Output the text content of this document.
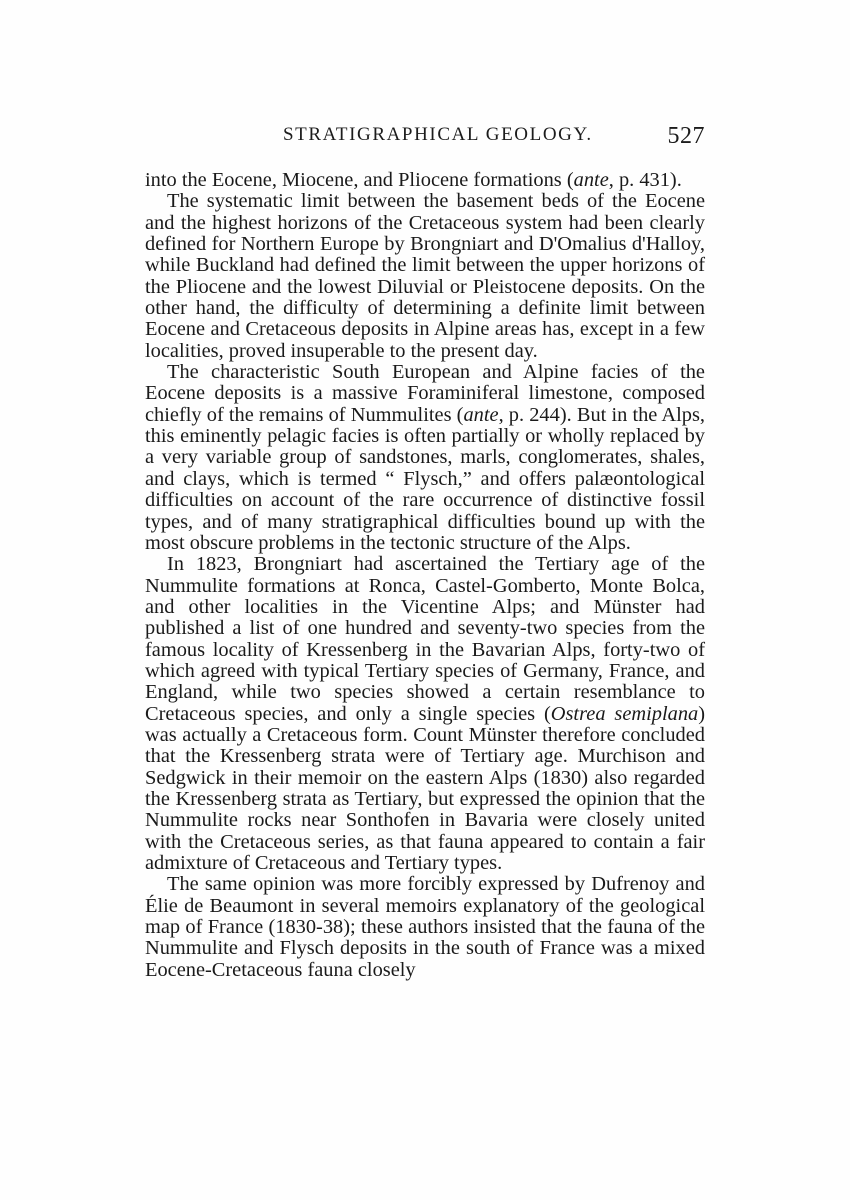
STRATIGRAPHICAL GEOLOGY.	527

into the Eocene, Miocene, and Pliocene formations (ante, p. 431).

The systematic limit between the basement beds of the Eocene and the highest horizons of the Cretaceous system had been clearly defined for Northern Europe by Brongniart and D'Omalius d'Halloy, while Buckland had defined the limit between the upper horizons of the Pliocene and the lowest Diluvial or Pleistocene deposits. On the other hand, the difficulty of determining a definite limit between Eocene and Cretaceous deposits in Alpine areas has, except in a few localities, proved insuperable to the present day.

The characteristic South European and Alpine facies of the Eocene deposits is a massive Foraminiferal limestone, composed chiefly of the remains of Nummulites (ante, p. 244). But in the Alps, this eminently pelagic facies is often partially or wholly replaced by a very variable group of sandstones, marls, conglomerates, shales, and clays, which is termed “ Flysch,” and offers palæontological difficulties on account of the rare occurrence of distinctive fossil types, and of many stratigraphical difficulties bound up with the most obscure problems in the tectonic structure of the Alps.

In 1823, Brongniart had ascertained the Tertiary age of the Nummulite formations at Ronca, Castel-Gomberto, Monte Bolca, and other localities in the Vicentine Alps; and Münster had published a list of one hundred and seventy-two species from the famous locality of Kressenberg in the Bavarian Alps, forty-two of which agreed with typical Tertiary species of Germany, France, and England, while two species showed a certain resemblance to Cretaceous species, and only a single species (Ostrea semiplana) was actually a Cretaceous form. Count Münster therefore concluded that the Kressenberg strata were of Tertiary age. Murchison and Sedgwick in their memoir on the eastern Alps (1830) also regarded the Kressenberg strata as Tertiary, but expressed the opinion that the Nummulite rocks near Sonthofen in Bavaria were closely united with the Cretaceous series, as that fauna appeared to contain a fair admixture of Cretaceous and Tertiary types.

The same opinion was more forcibly expressed by Dufrenoy and Élie de Beaumont in several memoirs explanatory of the geological map of France (1830-38); these authors insisted that the fauna of the Nummulite and Flysch deposits in the south of France was a mixed Eocene-Cretaceous fauna closely
